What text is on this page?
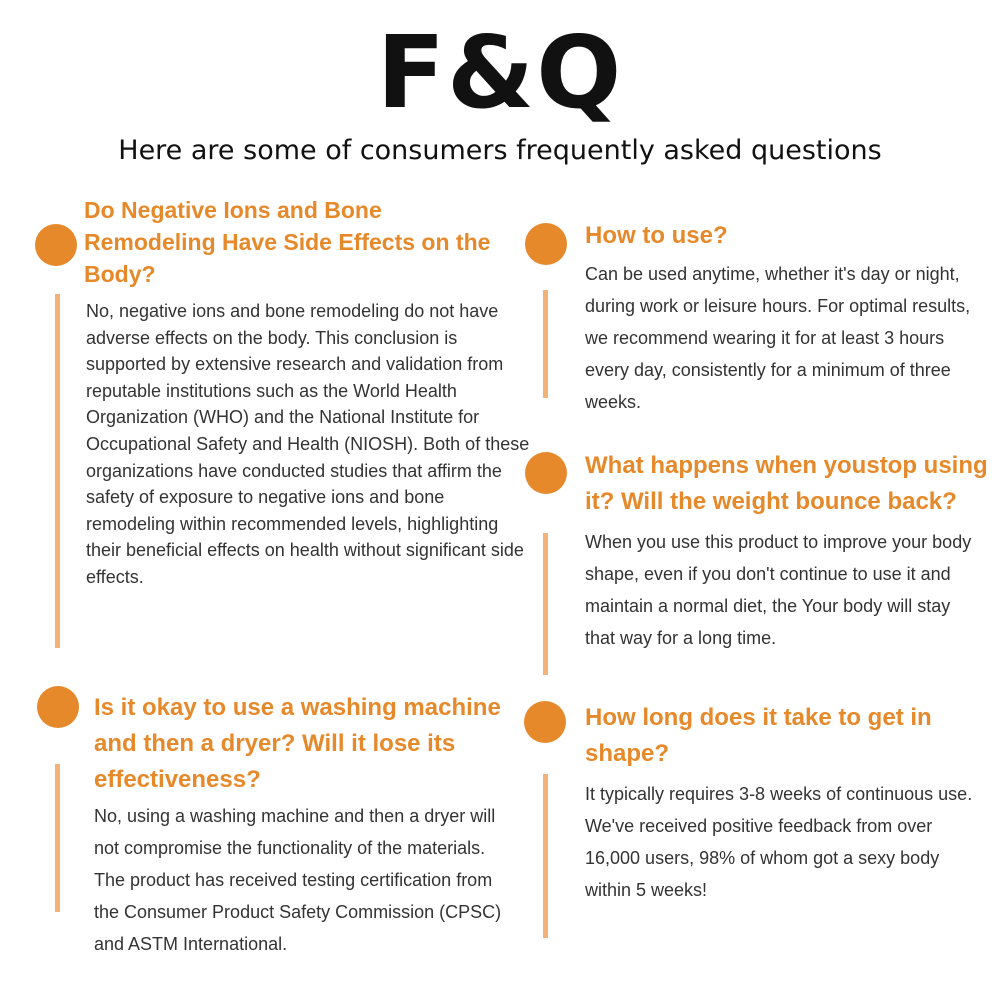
F&Q
Here are some of consumers frequently asked questions
Do Negative Ions and Bone Remodeling Have Side Effects on the Body?
No, negative ions and bone remodeling do not have adverse effects on the body. This conclusion is supported by extensive research and validation from reputable institutions such as the World Health Organization (WHO) and the National Institute for Occupational Safety and Health (NIOSH). Both of these organizations have conducted studies that affirm the safety of exposure to negative ions and bone remodeling within recommended levels, highlighting their beneficial effects on health without significant side effects.
Is it okay to use a washing machine and then a dryer? Will it lose its effectiveness?
No, using a washing machine and then a dryer will not compromise the functionality of the materials. The product has received testing certification from the Consumer Product Safety Commission (CPSC) and ASTM International.
How to use?
Can be used anytime, whether it's day or night, during work or leisure hours. For optimal results, we recommend wearing it for at least 3 hours every day, consistently for a minimum of three weeks.
What happens when youstop using it? Will the weight bounce back?
When you use this product to improve your body shape, even if you don't continue to use it and maintain a normal diet, the Your body will stay that way for a long time.
How long does it take to get in shape?
It typically requires 3-8 weeks of continuous use. We've received positive feedback from over 16,000 users, 98% of whom got a sexy body within 5 weeks!
